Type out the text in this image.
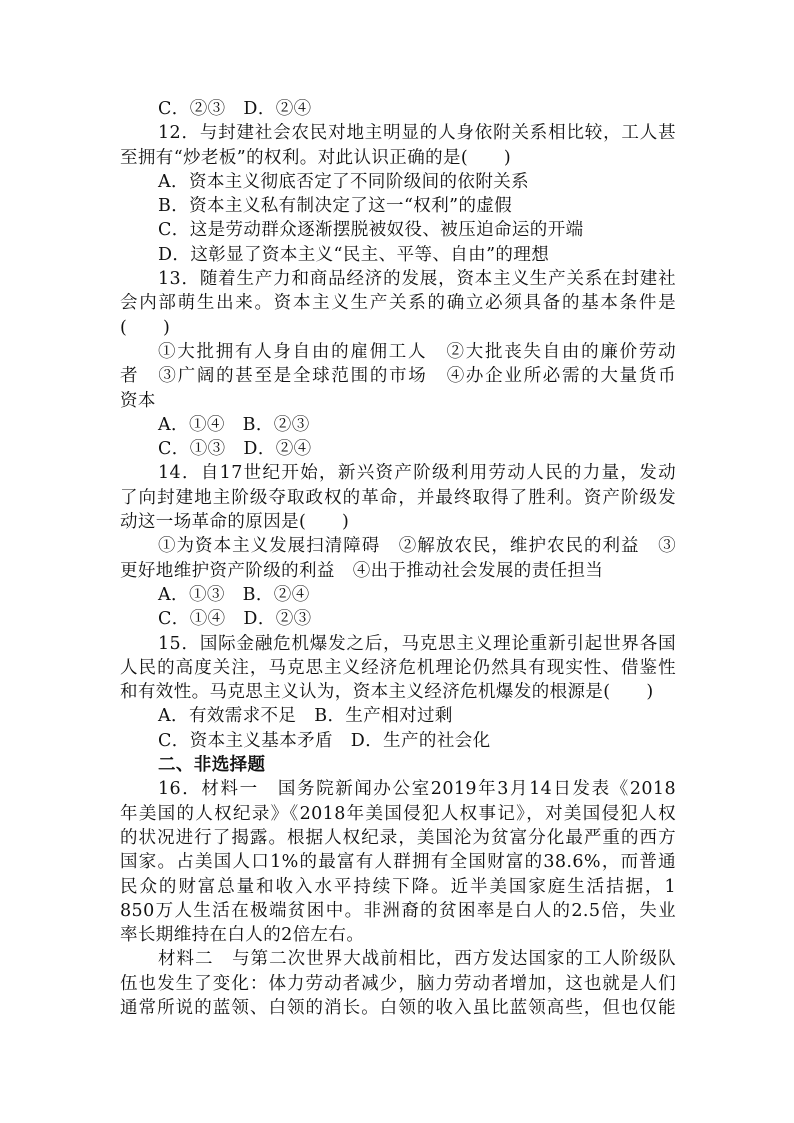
C．②③　D．②④
12．与封建社会农民对地主明显的人身依附关系相比较，工人甚
至拥有“炒老板”的权利。对此认识正确的是(　　)
A．资本主义彻底否定了不同阶级间的依附关系
B．资本主义私有制决定了这一“权利”的虚假
C．这是劳动群众逐渐摆脱被奴役、被压迫命运的开端
D．这彰显了资本主义“民主、平等、自由”的理想
13．随着生产力和商品经济的发展，资本主义生产关系在封建社
会内部萌生出来。资本主义生产关系的确立必须具备的基本条件是
(　　)
①大批拥有人身自由的雇佣工人　②大批丧失自由的廉价劳动
者　③广阔的甚至是全球范围的市场　④办企业所必需的大量货币
资本
A．①④　B．②③
C．①③　D．②④
14．自17世纪开始，新兴资产阶级利用劳动人民的力量，发动
了向封建地主阶级夺取政权的革命，并最终取得了胜利。资产阶级发
动这一场革命的原因是(　　)
①为资本主义发展扫清障碍　②解放农民，维护农民的利益　③
更好地维护资产阶级的利益　④出于推动社会发展的责任担当
A．①③　B．②④
C．①④　D．②③
15．国际金融危机爆发之后，马克思主义理论重新引起世界各国
人民的高度关注，马克思主义经济危机理论仍然具有现实性、借鉴性
和有效性。马克思主义认为，资本主义经济危机爆发的根源是(　　)
A．有效需求不足　B．生产相对过剩
C．资本主义基本矛盾　D．生产的社会化
二、非选择题
16．材料一　国务院新闻办公室2019年3月14日发表《2018
年美国的人权纪录》《2018年美国侵犯人权事记》，对美国侵犯人权
的状况进行了揭露。根据人权纪录，美国沦为贫富分化最严重的西方
国家。占美国人口1%的最富有人群拥有全国财富的38.6%，而普通
民众的财富总量和收入水平持续下降。近半美国家庭生活拮据，1
850万人生活在极端贫困中。非洲裔的贫困率是白人的2.5倍，失业
率长期维持在白人的2倍左右。
材料二　与第二次世界大战前相比，西方发达国家的工人阶级队
伍也发生了变化：体力劳动者减少，脑力劳动者增加，这也就是人们
通常所说的蓝领、白领的消长。白领的收入虽比蓝领高些，但也仅能
